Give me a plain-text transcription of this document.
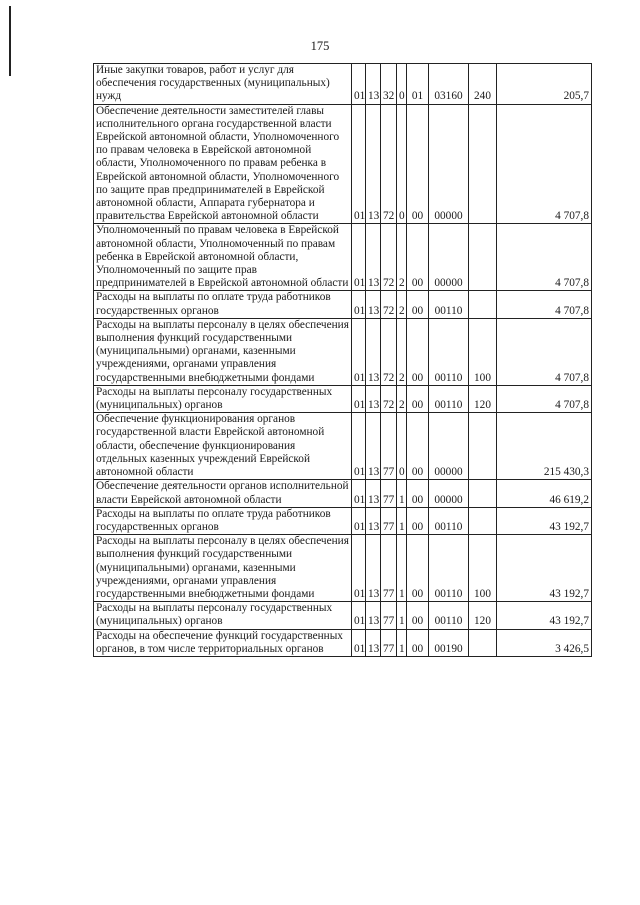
175
Иные закупки товаров, работ и услуг для обеспечения государственных (муниципальных) нужд	01	13	32	0	01	03160	240	205,7
Обеспечение деятельности заместителей главы исполнительного органа государственной власти Еврейской автономной области, Уполномоченного по правам человека в Еврейской автономной области, Уполномоченного по правам ребенка в Еврейской автономной области, Уполномоченного по защите прав предпринимателей в Еврейской автономной области, Аппарата губернатора и правительства Еврейской автономной области	01	13	72	0	00	00000		4 707,8
Уполномоченный по правам человека в Еврейской автономной области, Уполномоченный по правам ребенка в Еврейской автономной области, Уполномоченный по защите прав предпринимателей в Еврейской автономной области	01	13	72	2	00	00000		4 707,8
Расходы на выплаты по оплате труда работников государственных органов	01	13	72	2	00	00110		4 707,8
Расходы на выплаты персоналу в целях обеспечения выполнения функций государственными (муниципальными) органами, казенными учреждениями, органами управления государственными внебюджетными фондами	01	13	72	2	00	00110	100	4 707,8
Расходы на выплаты персоналу государственных (муниципальных) органов	01	13	72	2	00	00110	120	4 707,8
Обеспечение функционирования органов государственной власти Еврейской автономной области, обеспечение функционирования отдельных казенных учреждений Еврейской автономной области	01	13	77	0	00	00000		215 430,3
Обеспечение деятельности органов исполнительной власти Еврейской автономной области	01	13	77	1	00	00000		46 619,2
Расходы на выплаты по оплате труда работников государственных органов	01	13	77	1	00	00110		43 192,7
Расходы на выплаты персоналу в целях обеспечения выполнения функций государственными (муниципальными) органами, казенными учреждениями, органами управления государственными внебюджетными фондами	01	13	77	1	00	00110	100	43 192,7
Расходы на выплаты персоналу государственных (муниципальных) органов	01	13	77	1	00	00110	120	43 192,7
Расходы на обеспечение функций государственных органов, в том числе территориальных органов	01	13	77	1	00	00190		3 426,5
